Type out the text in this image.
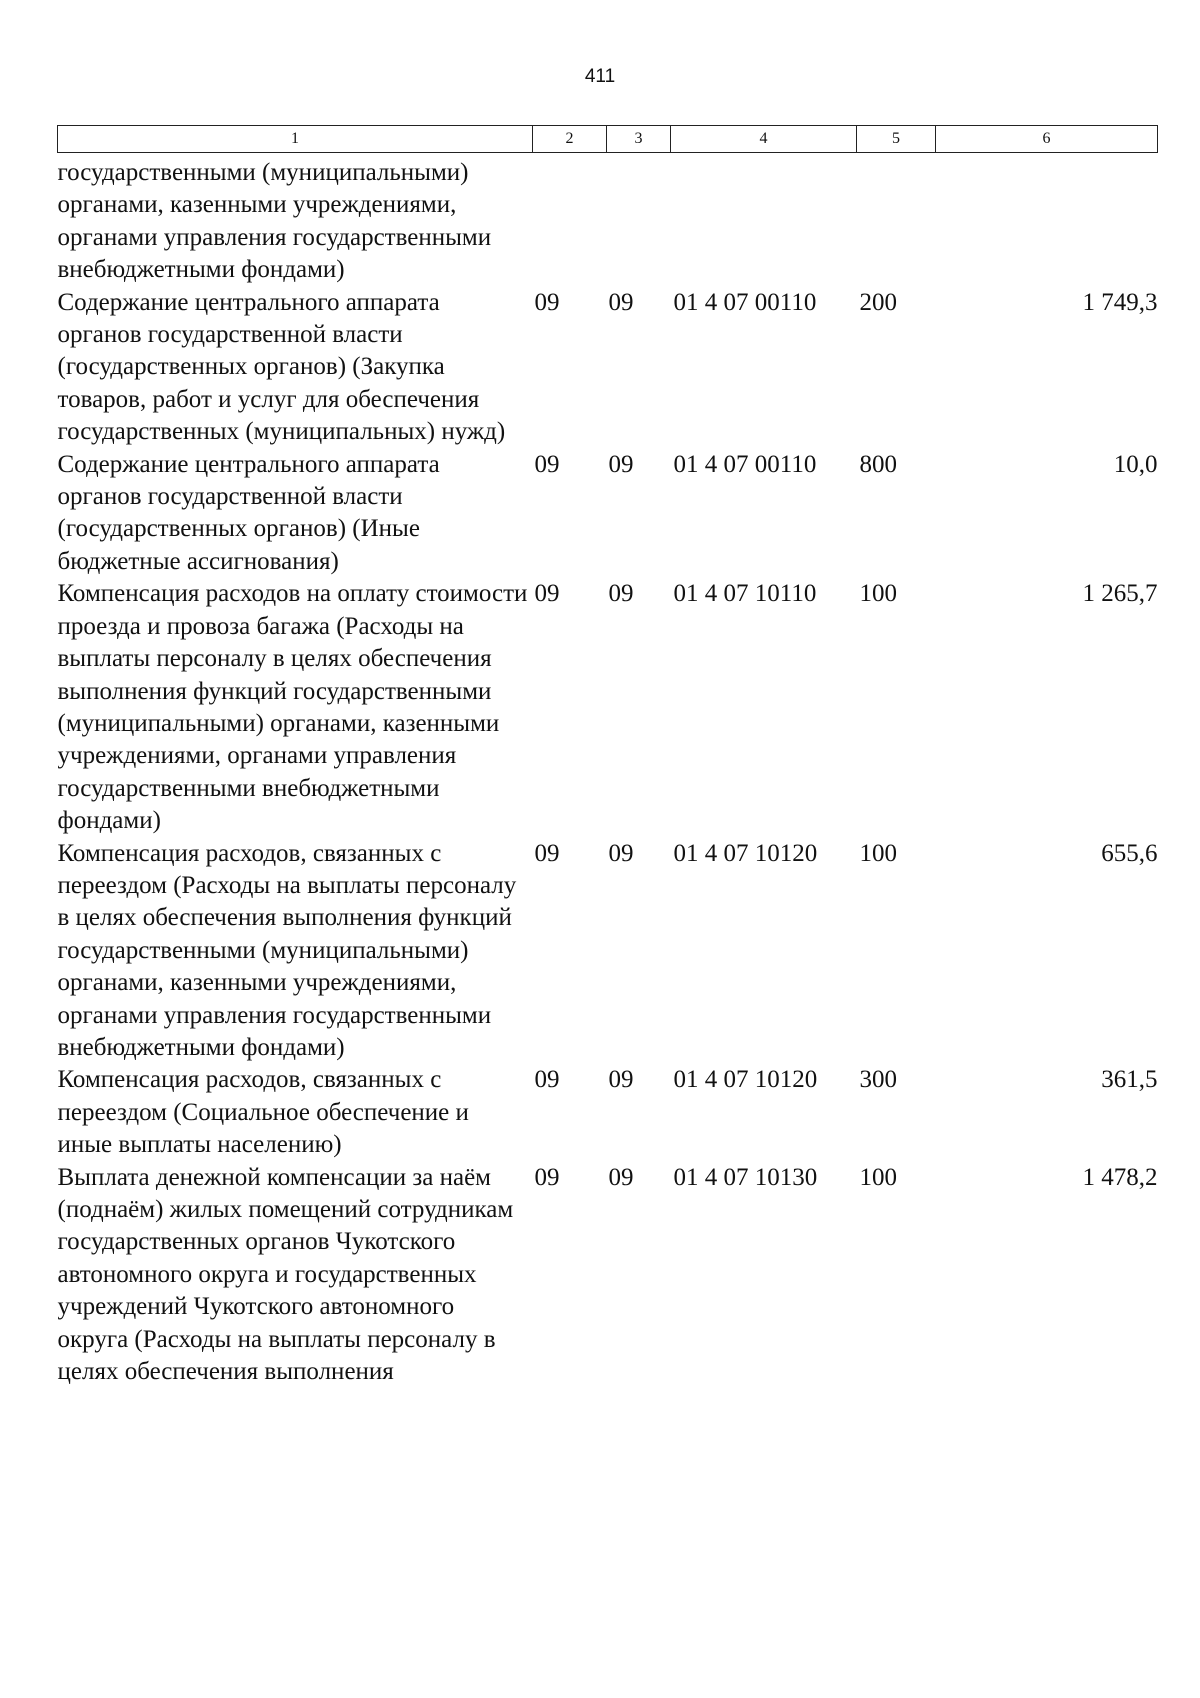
411
1	2	3	4	5	6
государственными (муниципальными) органами, казенными учреждениями, органами управления государственными внебюджетными фондами)					
Содержание центрального аппарата органов государственной власти (государственных органов) (Закупка товаров, работ и услуг для обеспечения государственных (муниципальных) нужд)	09	09	01 4 07 00110	200	1 749,3
Содержание центрального аппарата органов государственной власти (государственных органов) (Иные бюджетные ассигнования)	09	09	01 4 07 00110	800	10,0
Компенсация расходов на оплату стоимости проезда и провоза багажа (Расходы на выплаты персоналу в целях обеспечения выполнения функций государственными (муниципальными) органами, казенными учреждениями, органами управления государственными внебюджетными фондами)	09	09	01 4 07 10110	100	1 265,7
Компенсация расходов, связанных с переездом (Расходы на выплаты персоналу в целях обеспечения выполнения функций государственными (муниципальными) органами, казенными учреждениями, органами управления государственными внебюджетными фондами)	09	09	01 4 07 10120	100	655,6
Компенсация расходов, связанных с переездом (Социальное обеспечение и иные выплаты населению)	09	09	01 4 07 10120	300	361,5
Выплата денежной компенсации за наём (поднаём) жилых помещений сотрудникам государственных органов Чукотского автономного округа и государственных учреждений Чукотского автономного округа (Расходы на выплаты персоналу в целях обеспечения выполнения	09	09	01 4 07 10130	100	1 478,2
